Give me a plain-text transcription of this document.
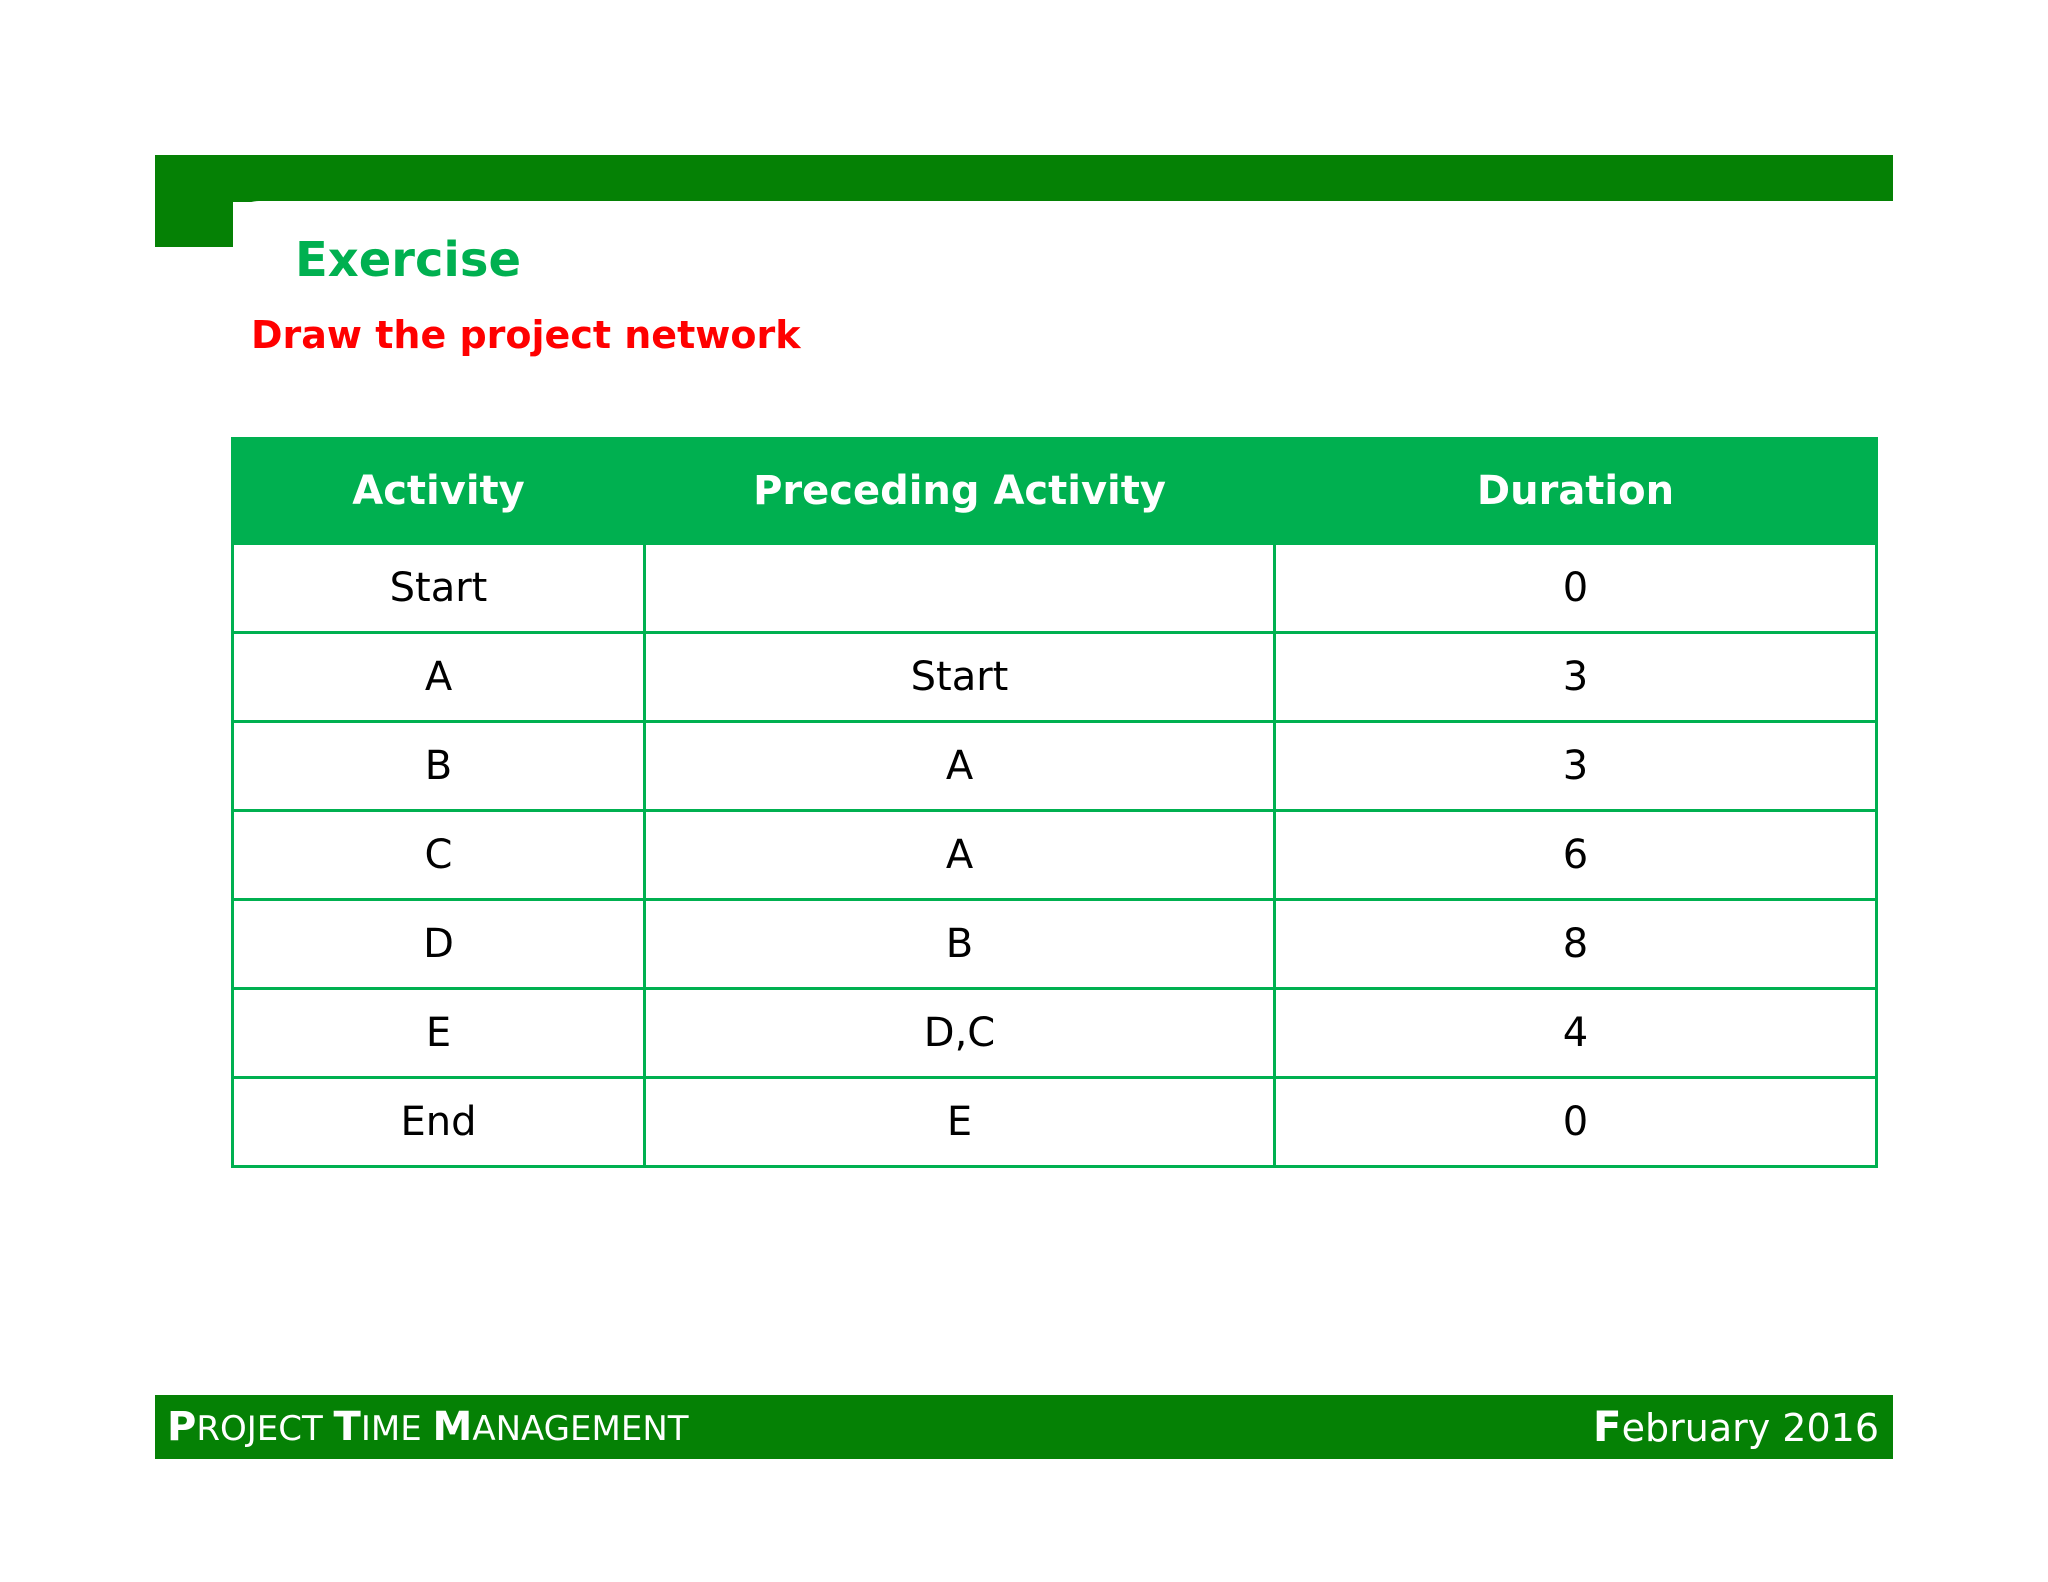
Exercise
Draw the project network
Activity	Preceding Activity	Duration
Start		0
A	Start	3
B	A	3
C	A	6
D	B	8
E	D,C	4
End	E	0
PROJECT TIME MANAGEMENT	February 2016
